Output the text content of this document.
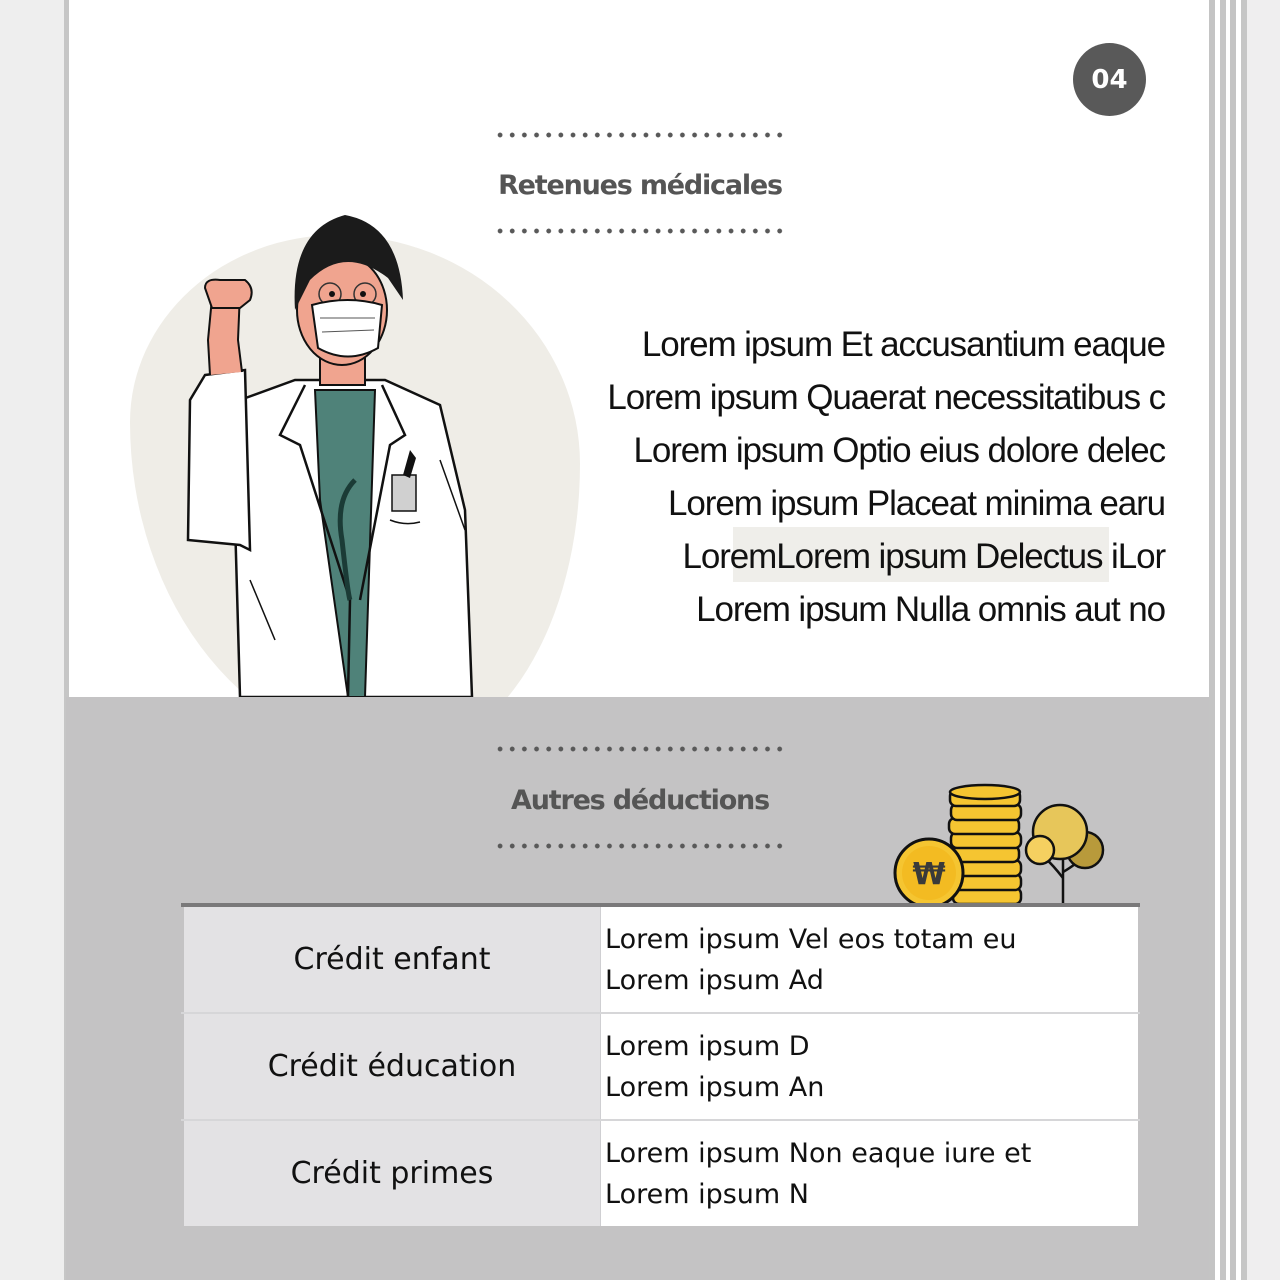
04
Retenues médicales
Lorem ipsum Et accusantium eaque
Lorem ipsum Quaerat necessitatibus c
Lorem ipsum Optio eius dolore delec
Lorem ipsum Placeat minima earu
LoremLorem ipsum Delectus iLor
Lorem ipsum Nulla omnis aut no
Autres déductions
₩
Crédit enfant
Lorem ipsum Vel eos totam eu
Lorem ipsum Ad
Crédit éducation
Lorem ipsum D
Lorem ipsum An
Crédit primes
Lorem ipsum Non eaque iure et
Lorem ipsum N
